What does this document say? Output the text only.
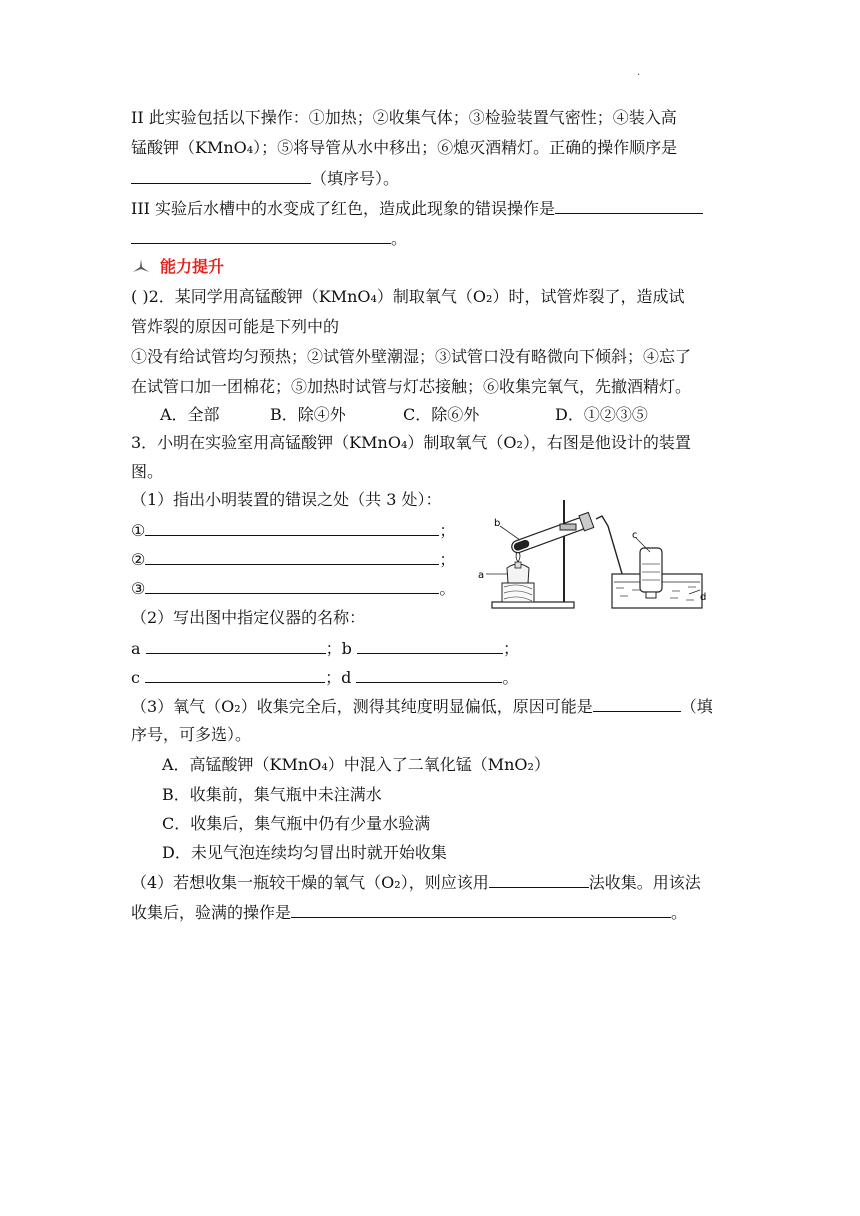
·
II 此实验包括以下操作：①加热；②收集气体；③检验装置气密性；④装入高
锰酸钾（KMnO₄）；⑤将导管从水中移出；⑥熄灭酒精灯。正确的操作顺序是
（填序号）。
III 实验后水槽中的水变成了红色，造成此现象的错误操作是
。
能力提升
( )2．某同学用高锰酸钾（KMnO₄）制取氧气（O₂）时，试管炸裂了，造成试
管炸裂的原因可能是下列中的
①没有给试管均匀预热；②试管外壁潮湿；③试管口没有略微向下倾斜；④忘了
在试管口加一团棉花；⑤加热时试管与灯芯接触；⑥收集完氧气，先撤酒精灯。
A．全部	B．除④外	C．除⑥外	D．①②③⑤
3．小明在实验室用高锰酸钾（KMnO₄）制取氧气（O₂），右图是他设计的装置
图。
（1）指出小明装置的错误之处（共 3 处）：
①	；
②	；
③	。
（2）写出图中指定仪器的名称：
a	；b	；
c	；d	。
（3）氧气（O₂）收集完全后，测得其纯度明显偏低，原因可能是	（填
序号，可多选）。
A．高锰酸钾（KMnO₄）中混入了二氧化锰（MnO₂）
B．收集前，集气瓶中未注满水
C．收集后，集气瓶中仍有少量水验满
D．未见气泡连续均匀冒出时就开始收集
（4）若想收集一瓶较干燥的氧气（O₂），则应该用	法收集。用该法
收集后，验满的操作是	。
a
b
c
d
